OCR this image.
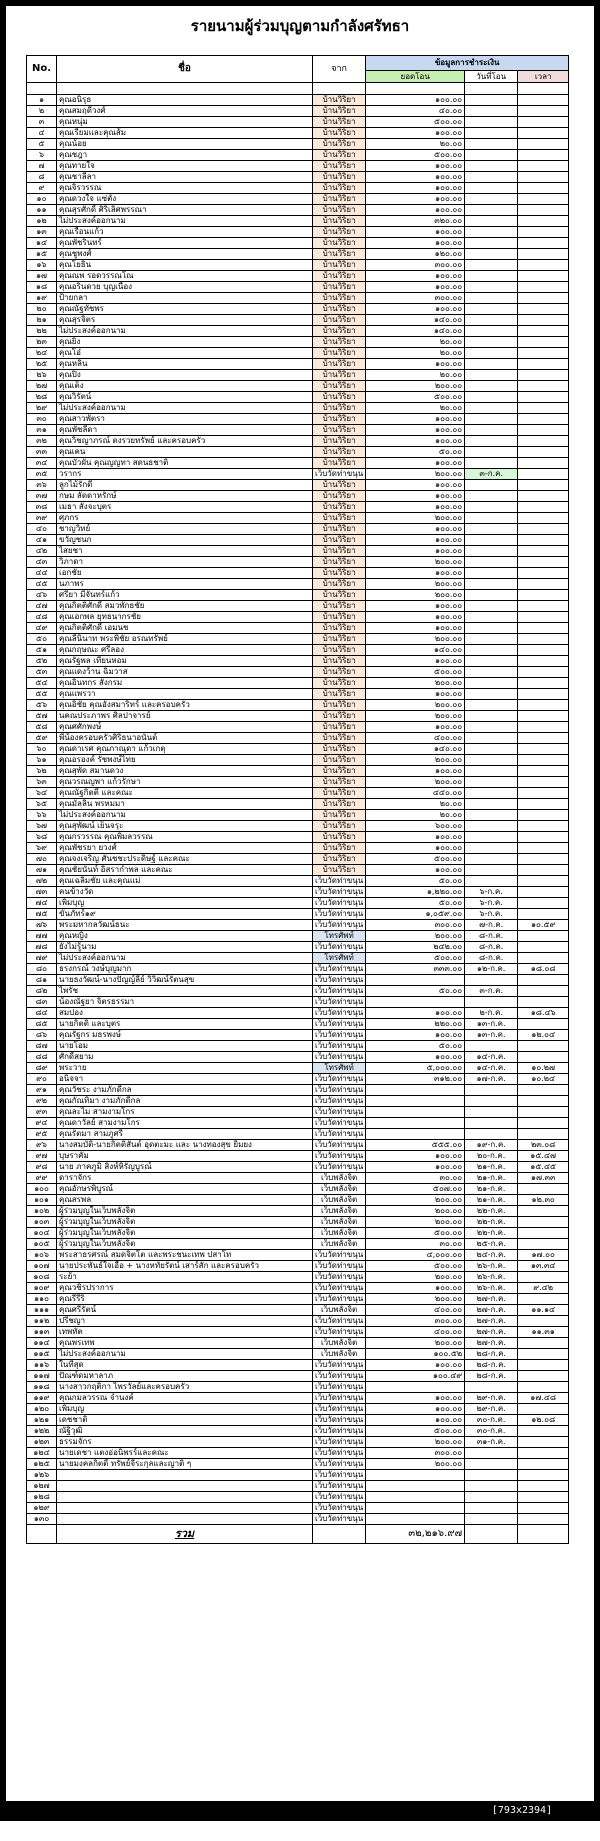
รายนามผู้ร่วมบุญตามกำลังศรัทธา
No.	ชื่อ	จาก	ข้อมูลการชำระเงิน		
			ยอดโอน	วันที่โอน	เวลา

๑	คุณอนิรุธ	บ้านวิริยา	๑๐๐.๐๐		
๒	คุณสมฤดีวงศ์	บ้านวิริยา	๔๐.๐๐		
๓	คุณหนุ่ม	บ้านวิริยา	๕๐๐.๐๐		
๔	คุณเรียมและคุณส้ม	บ้านวิริยา	๑๐๐.๐๐		
๕	คุณน้อย	บ้านวิริยา	๒๐.๐๐		
๖	คุณชฎา	บ้านวิริยา	๕๐๐.๐๐		
๗	คุณทายใจ	บ้านวิริยา	๑๐๐.๐๐		
๘	คุณชาลีลา	บ้านวิริยา	๑๐๐.๐๐		
๙	คุณจิรวรรณ	บ้านวิริยา	๑๐๐.๐๐		
๑๐	คุณดวงใจ แซ่ตั้ง	บ้านวิริยา	๑๐๐.๐๐		
๑๑	คุณสุรศักดิ์ ศิริเลิศพรรณา	บ้านวิริยา	๑๐๐.๐๐		
๑๒	ไม่ประสงค์ออกนาม	บ้านวิริยา	๓๒๐.๐๐		
๑๓	คุณเรือนแก้ว	บ้านวิริยา	๑๐๐.๐๐		
๑๔	คุณพัชรินทร์	บ้านวิริยา	๑๐๐.๐๐		
๑๕	คุณชูพงศ์	บ้านวิริยา	๑๒๐.๐๐		
๑๖	คุณโยธิน	บ้านวิริยา	๓๐๐.๐๐		
๑๗	คุณณพ รอดวรรณโณ	บ้านวิริยา	๑๐๐.๐๐		
๑๘	คุณอรินดวย บุญเนื่อง	บ้านวิริยา	๑๐๐.๐๐		
๑๙	ป้ายกลา	บ้านวิริยา	๓๐๐.๐๐		
๒๐	คุณณัฐทัชพร	บ้านวิริยา	๑๐๐.๐๐		
๒๑	คุณสุรจิตร	บ้านวิริยา	๑๔๐.๐๐		
๒๒	ไม่ประสงค์ออกนาม	บ้านวิริยา	๑๔๐.๐๐		
๒๓	คุณยิ่ง	บ้านวิริยา	๒๐.๐๐		
๒๔	คุณโอ๋	บ้านวิริยา	๒๐.๐๐		
๒๕	คุณหลิน	บ้านวิริยา	๑๐๐.๐๐		
๒๖	คุณปิง	บ้านวิริยา	๒๐.๐๐		
๒๗	คุณเต็ง	บ้านวิริยา	๒๐๐.๐๐		
๒๘	คุณวิรัตน์	บ้านวิริยา	๕๐๐.๐๐		
๒๙	ไม่ประสงค์ออกนาม	บ้านวิริยา	๒๐.๐๐		
๓๐	คุณสาวพัตรา	บ้านวิริยา	๑๐๐.๐๐		
๓๑	คุณพัชลีดา	บ้านวิริยา	๑๐๐.๐๐		
๓๒	คุณวิชญาภรณ์ ดงรวยทรัพย์ และครอบครัว	บ้านวิริยา	๑๐๐.๐๐		
๓๓	คุณเคน	บ้านวิริยา	๕๐.๐๐		
๓๔	คุณบัวผัน คุณญญทา สดนธชาติ	บ้านวิริยา	๑๐๐.๐๐		
๓๕	วรากร	เว็บวัดท่าขนุน	๒๐๐.๐๐	๓-ก.ค.	
๓๖	ลูกไม้รักดี	บ้านวิริยา	๑๐๐.๐๐		
๓๗	กษม ลัดดาหรักษ์	บ้านวิริยา	๑๐๐.๐๐		
๓๘	เมธา สังจะบุตร	บ้านวิริยา	๑๐๐.๐๐		
๓๙	ศุภกร	บ้านวิริยา	๒๐๐.๐๐		
๔๐	ชาญวิทย์	บ้านวิริยา	๑๐๐.๐๐		
๔๑	ขวัญชนก	บ้านวิริยา	๑๐๐.๐๐		
๔๒	ไสยชา	บ้านวิริยา	๑๐๐.๐๐		
๔๓	วิภาดา	บ้านวิริยา	๒๐๐.๐๐		
๔๔	เอกชัย	บ้านวิริยา	๑๐๐.๐๐		
๔๕	นภาพร	บ้านวิริยา	๒๐๐.๐๐		
๔๖	ศรียา มีจันทร์แก้ว	บ้านวิริยา	๒๐๐.๐๐		
๔๗	คุณกิตติศักดิ์ สมวพักธชัย	บ้านวิริยา	๑๐๐.๐๐		
๔๘	คุณเอกพล ยุทธนากรชัย	บ้านวิริยา	๑๐๐.๐๐		
๔๙	คุณกิตติศักดิ์ เอมนช	บ้านวิริยา	๑๐๐.๐๐		
๕๐	คุณลีนินาท พระพิชัย อรณทรัพย์	บ้านวิริยา	๒๐๐.๐๐		
๕๑	คุณกฤษณะ ศรีลอง	บ้านวิริยา	๑๔๐.๐๐		
๕๒	คุณรัฐพล เทียนหอม	บ้านวิริยา	๑๐๐.๐๐		
๕๓	คุณแดงว้าน ฉิมวาส	บ้านวิริยา	๕๐๐.๐๐		
๕๔	คุณอินทกร สังกรม	บ้านวิริยา	๒๐๐.๐๐		
๕๕	คุณแพรวา	บ้านวิริยา	๑๐๐.๐๐		
๕๖	คุณอิชัย คุณอังสมาริทร์ และครอบครัว	บ้านวิริยา	๒๐๐.๐๐		
๕๗	นคณประภาพร ศิลปาจารย์	บ้านวิริยา	๒๐๐.๐๐		
๕๘	คุณศศักพงษ์	บ้านวิริยา	๑๐๐.๐๐		
๕๙	พี่น้องครอบครัวศิริธนาอนันต์	บ้านวิริยา	๔๐๐.๐๐		
๖๐	คุณดาเรศ คุณภาณุดา แก้วเกตุ	บ้านวิริยา	๑๔๐.๐๐		
๖๑	คุณอรองค์ รัชพงษ์ไทย	บ้านวิริยา	๒๐๐.๐๐		
๖๒	คุณสุพัด สมานดวง	บ้านวิริยา	๑๐๐.๐๐		
๖๓	คุณวรณญพา แก้วรักษา	บ้านวิริยา	๒๐๐.๐๐		
๖๔	คุณณัฐกิตติ์ และคณะ	บ้านวิริยา	๔๔๐.๐๐		
๖๕	คุณมัลลิน พรหมมา	บ้านวิริยา	๒๐.๐๐		
๖๖	ไม่ประสงค์ออกนาม	บ้านวิริยา	๒๐.๐๐		
๖๗	คุณสุพัฒน์ เย็นจรุะ	บ้านวิริยา	๖๐๐.๐๐		
๖๘	คุณกรวรรณ คุณพิมลวรรณ	บ้านวิริยา	๑๐๐.๐๐		
๖๙	คุณพัชรยา ยวงศ์	บ้านวิริยา	๑๐๐.๐๐		
๗๐	คุณจงเจริญ ศันชชะประดิษฐ์ และคณะ	บ้านวิริยา	๕๐๐.๐๐		
๗๑	คุณชัยนันท์ อิสรากำพล และคณะ	บ้านวิริยา	๑๐๐.๐๐		
๗๒	คุณเฉลิมชัย และคุณแม่	เว็บวัดท่าขนุน	๕๐.๐๐		
๗๓	คนข้างวัด	เว็บวัดท่าขนุน	๑,๒๒๐.๐๐	๖-ก.ค.	
๗๔	เพิ่มบุญ	เว็บวัดท่าขนุน	๕๐.๐๐	๖-ก.ค.	
๗๕	ขั้นภัทร์๑๙	เว็บวัดท่าขนุน	๑,๐๕๙.๐๐	๖-ก.ค.	
๗๖	พระมหากลวัฒน์ธนะ	เว็บวัดท่าขนุน	๓๐๐.๐๐	๗-ก.ค.	๑๐.๕๙
๗๗	คุณหญิง	โทรศัพท์	๒๐๐.๐๐	๘-ก.ค.	
๗๘	ยังไม่รู้นาม	เว็บวัดท่าขนุน	๒๔๒.๐๐	๘-ก.ค.	
๗๙	ไม่ประสงค์ออกนาม	โทรศัพท์	๕๐๐.๐๐	๘-ก.ค.	
๘๐	ธรงกรณ์ วงษ์บุญมาก	เว็บวัดท่าขนุน	๓๓๓.๐๐	๑๒-ก.ค.	๑๘.๐๘
๘๑	นายธงวัฒน์-นางปัญญ์ลี่ย์ วิวิฒน์รัตนสุข	เว็บวัดท่าขนุน			
๘๒	ไพรัช	เว็บวัดท่าขนุน	๕๐.๐๐	๓-ก.ค.	
๘๓	น้องณัฐยา จิตรธรรมา	เว็บวัดท่าขนุน			
๘๔	สมปอง	เว็บวัดท่าขนุน	๑๐๐.๐๐	๒-ก.ค.	๑๘.๔๖
๘๕	นายกิตติ และบุตร	เว็บวัดท่าขนุน	๒๒๐.๐๐	๑๓-ก.ค.	
๘๖	คุณรัฐกร มธรพงษ์	เว็บวัดท่าขนุน	๑๐๐.๐๐	๑๓-ก.ค.	๑๒.๐๔
๘๗	นายโอม	เว็บวัดท่าขนุน	๕๐.๐๐		
๘๘	ศักดิ์สยาม	เว็บวัดท่าขนุน	๑๐๐.๐๐	๑๔-ก.ค.	
๘๙	พระวาย	โทรศัพท์	๕,๐๐๐.๐๐	๑๔-ก.ค.	๑๐.๒๗
๙๐	อนิจจา	เว็บวัดท่าขนุน	๓๑๒.๐๐	๑๗-ก.ค.	๑๐.๒๔
๙๑	คุณวัชระ งามภักดีกล	เว็บวัดท่าขนุน			
๙๒	คุณกัณทิมา งามภักดีกล	เว็บวัดท่าขนุน			
๙๓	คุณละไม สามงามโกร	เว็บวัดท่าขนุน			
๙๔	คุณดาวัลย์ สามงามโกร	เว็บวัดท่าขนุน			
๙๕	คุณรัตมา สามภูศรี	เว็บวัดท่าขนุน			
๙๖	นางสมบัติ-นายกิตติสันต์ อุดตะมะ และ นางทองสุข ยิ้มยง	เว็บวัดท่าขนุน	๕๕๕.๐๐	๑๙-ก.ค.	๒๓.๐๘
๙๗	บุษราคัม	เว็บวัดท่าขนุน	๑๐๐.๐๐	๒๐-ก.ค.	๑๕.๔๗
๙๘	นาย ภาคภูมิ สิงห์หิรัญบูรณ์	เว็บวัดท่าขนุน	๑๐๐.๐๐	๒๑-ก.ค.	๑๕.๔๕
๙๙	ดาราจักร	เว็บพลังจิต	๓๐.๐๐	๒๑-ก.ค.	๑๗.๓๓
๑๐๐	คุณอักษรพิบูรณ์	เว็บพลังจิต	๕๐๗.๐๐	๒๑-ก.ค.	
๑๐๑	คุณสรพล	เว็บพลังจิต	๒๐๐.๐๐	๒๑-ก.ค.	๑๒.๓๐
๑๐๒	ผู้ร่วมบุญในเว็บพลังจิต	เว็บพลังจิต	๒๐๐.๐๐	๒๒-ก.ค.	
๑๐๓	ผู้ร่วมบุญในเว็บพลังจิต	เว็บพลังจิต	๒๐๐.๐๐	๒๒-ก.ค.	
๑๐๔	ผู้ร่วมบุญในเว็บพลังจิต	เว็บพลังจิต	๕๐๐.๐๐	๒๒-ก.ค.	
๑๐๕	ผู้ร่วมบุญในเว็บพลังจิต	เว็บพลังจิต	๓๐.๐๐	๒๕-ก.ค.	
๑๐๖	พระสาธรศรณ์ สมดจิตโต และพระชนะเทพ ปสาโท	เว็บวัดท่าขนุน	๔,๐๐๐.๐๐	๒๔-ก.ค.	๑๗.๐๐
๑๐๗	นายประพันธ์ใจเอื้อ + นางหทัยรัตน์ เสาร์สัก และครอบครัว	เว็บวัดท่าขนุน	๕๐๐.๐๐	๒๖-ก.ค.	๑๓.๓๔
๑๐๘	ระย้า	เว็บวัดท่าขนุน	๒๐๐.๐๐	๒๖-ก.ค.	
๑๐๙	คุณวชิรปราการ	เว็บวัดท่าขนุน	๑๐๐.๐๐	๒๖-ก.ค.	๙.๔๒
๑๑๐	คุณรีรีริ	เว็บวัดท่าขนุน	๒๐๐.๐๐	๒๗-ก.ค.	
๑๑๑	คุณศรีรัตน์	เว็บพลังจิต	๔๐๐.๐๐	๒๗-ก.ค.	๑๑.๑๔
๑๑๒	ปรีชญา	เว็บวัดท่าขนุน	๓๐๐.๐๐	๒๗-ก.ค.	
๑๑๓	เทพทัต	เว็บวัดท่าขนุน	๔๐๐.๐๐	๒๗-ก.ค.	๑๑.๓๑
๑๑๔	คุณพรเทพ	เว็บพลังจิต	๒๐๐.๐๐	๒๗-ก.ค.	
๑๑๕	ไม่ประสงค์ออกนาม	เว็บพลังจิต	๑๐๐.๕๒	๒๘-ก.ค.	
๑๑๖	ในทีสุด	เว็บวัดท่าขนุน	๑๐๐.๐๐	๒๘-ก.ค.	
๑๑๗	ปัณฑ์ดมหาลาภ	เว็บวัดท่าขนุน	๑๐๐.๔๙	๒๘-ก.ค.	
๑๑๘	นางสาวกฤติกา ไพรวัลย์และครอบครัว	เว็บวัดท่าขนุน			
๑๑๙	คุณกมลวรรณ จำนงค์	เว็บวัดท่าขนุน	๑๐๐.๐๐	๒๙-ก.ค.	๑๗.๔๘
๑๒๐	เพิ่มบุญ	เว็บวัดท่าขนุน	๑๐๐.๐๐	๒๙-ก.ค.	
๑๒๑	เดชชาติ	เว็บวัดท่าขนุน	๑๐๐.๐๐	๓๐-ก.ค.	๑๒.๐๘
๑๒๒	ณัฐิวุฒิ	เว็บวัดท่าขนุน	๕๐๐.๐๐	๓๐-ก.ค.	
๑๒๓	ธรรมจักร	เว็บวัดท่าขนุน	๒๐๐.๐๐	๓๑-ก.ค.	
๑๒๔	นายเดชา แตงอ่อนิพรร์และคณะ	เว็บวัดท่าขนุน	๓๐๐.๐๐		
๑๒๕	นายมงคลกิตติ์ ทรัพย์จีระกุลและญาติ ๆ	เว็บวัดท่าขนุน	๒๐๐.๐๐		
๑๒๖		เว็บวัดท่าขนุน			
๑๒๗		เว็บวัดท่าขนุน			
๑๒๘		เว็บวัดท่าขนุน			
๑๒๙		เว็บวัดท่าขนุน			
๑๓๐		เว็บวัดท่าขนุน			
	รวม		๓๒,๒๑๖.๙๗		
[793x2394] https://upic.me/
